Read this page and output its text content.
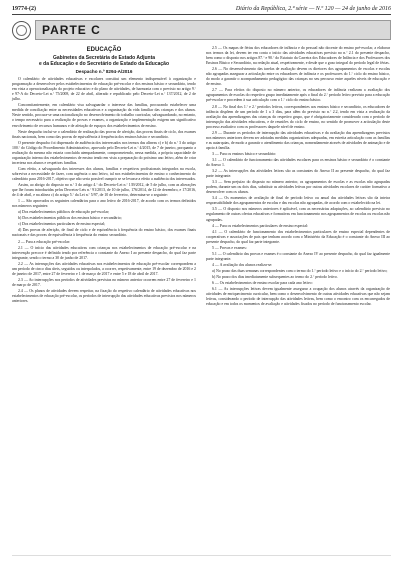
19774-(2)	Diário da República, 2.ª série — N.º 120 — 24 de junho de 2016
PARTE C
EDUCAÇÃO
Gabinetes da Secretária de Estado Adjunta
e da Educação e do Secretário de Estado da Educação
Despacho n.º 8294-A/2016

O calendário de atividades educativas e escolares constitui um elemento indispensável à organização e programação a desenvolver pelos estabelecimentos de educação pré-escolar e dos ensinos básico e secundário, tendo em vista a operacionalização do projeto educativo e do plano de atividades, de harmonia com o previsto no artigo 9.º e 97-A do Decreto-Lei n.º 75/2008, de 22 de abril, alterado e republicado pelo Decreto-Lei n.º 137/2012, de 2 de julho.

Concomitantemente, em calendário visa salvaguardar o interesse das famílias, procurando estabelecer uma medida de conciliação entre as necessidades educativas e a organização da vida familiar das crianças e dos alunos. Neste sentido, procura-se uma racionalização no desenvolvimento do trabalho curricular, salvaguardando, no entanto, o tempo necessário para a realização de provas e exames, a organização e implementação exigem um significativo envolvimento de recursos humanos e de afetação de espaços dos estabelecimentos de ensino.

Neste despacho inclui-se o calendário de realização das provas de aferição, das provas finais de ciclo, dos exames finais nacionais, bem como das provas de equivalência à frequência dos ensinos básico e secundário.

O presente despacho foi dispensado de audiência dos interessados nos termos das alíneas c) e b) do n.º 3 do artigo 100.º do Código do Procedimento Administrativo, aprovado pelo Decreto-Lei n.º 4/2015, de 7 de janeiro, porquanto a realização da mesma não estaria concluída atempadamente, comprometendo, nessa medida, a própria capacidade de organização interna dos estabelecimentos de ensino tendo em vista a preparação do próximo ano letivo, além de criar incerteza nos alunos e respetivas famílias.

Com efeito, a salvaguarda dos interesses dos alunos, famílias e respetivos profissionais integrados na escola, sobreviva a necessidade de fazer, com urgência o ano letivo, tal nos estabelecimentos de ensino o conhecimento do calendário para 2016-2017, objetivo que não seria possível cumprir se se levasse a efeito a audiência dos interessados.

Assim, ao abrigo do disposto no n.º 3 do artigo 4.º do Decreto-Lei n.º 139/2012, de 5 de julho, com as alterações que lhe foram introduzidas pelos Decretos-Leis n.º 91/2013, de 10 de julho, 176/2014, de 12 de dezembro, e 17/2016, de 4 de abril, e na alínea c) do artigo 5.º da Lei n.º 5/97, de 10 de fevereiro, determina-se o seguinte:

1 — São aprovados os seguintes calendários para o ano letivo de 2016-2017, de acordo com os termos definidos nos números seguintes:

a) Dos estabelecimentos públicos de educação pré-escolar;

b) Dos estabelecimentos públicos dos ensinos básico e secundário;

c) Dos estabelecimentos particulares de ensino especial;

d) Das provas de aferição, de final de ciclo e de equivalência à frequência do ensino básico, dos exames finais nacionais e das provas de equivalência à frequência do ensino secundário.

2 — Para a educação pré-escolar:

2.1 — O início das atividades educativas com crianças nos estabelecimentos de educação pré-escolar e na intervenção precoce é definido tendo por referência o constante do Anexo I ao presente despacho, do qual faz parte integrante, sendo o termo a 30 de junho de 2017.

2.2 — As interrupções das atividades educativas nos estabelecimentos de educação pré-escolar correspondem a um período de cinco dias úteis, seguidos ou interpolados, a ocorrer, respetivamente, entre 19 de dezembro de 2016 e 2 de janeiro de 2017, entre 27 de fevereiro e 1 de março de 2017 e entre 5 e 18 de abril de 2017.

2.3 — Ao interrupções nos períodos de atividades previstas no número anterior ocorrem entre 27 de fevereiro e 1 de março de 2017.

2.4 — Os planos de atividades devem respeitar, na fixação do respetivo calendário de atividades educativas nos estabelecimentos de educação pré-escolar, os períodos de interrupção das atividades educativas previstos nos números anteriores.

2.5 — Os mapas de férias dos educadores de infância e do pessoal não docente do ensino pré-escolar, a elaborar nos termos da lei, devem ter em conta o início das atividades educativas previsto no n.º 2.1 do presente despacho, bem como o disposto nos artigos 87.º e 90.º do Estatuto da Carreira dos Educadores de Infância e dos Professores dos Ensinos Básico e Secundário, na redação atual, respetivamente, e desde que o gozo integral do período legal de férias.

2.6 — No desenvolvimento das tarefas de avaliação devem os diretores dos agrupamentos de escolas e escolas não agrupadas assegurar a articulação entre os educadores de infância e os professores do 1.º ciclo do ensino básico, do modo a garantir o acompanhamento pedagógico das crianças no seu percurso entre aqueles níveis de educação e de ensino.

2.7 — Para efeitos do disposto no número anterior, os educadores de infância realizam a avaliação dos agrupamentos de escolas do respetivo grupo imediatamente após o final do 2.º período letivo previsto para a educação pré-escolar e procedem à sua articulação com o 1.º ciclo do ensino básico.

2.8 — No final dos 1.º e 2.º períodos letivos, correspondentes aos ensinos básico e secundário, os educadores de infância dispõem de um período de 1 a 3 dias, para além do previsto no n.º 2.2, tendo em vista a realização da avaliação das aprendizagens das crianças do respetivo grupo, que é obrigatoriamente considerado com o período de interrupção das atividades educativas, e de reuniões do ciclo de ensino, no sentido de promover a articulação deste processo avaliativo com os professores daquele nível de ensino.

2.9 — Durante os períodos de interrupção das atividades educativas e da avaliação das aprendizagens previstos nos números anteriores devem ser adotadas medidas organizativas adequadas, em estreita articulação com as famílias e as autarquias, de modo a garantir o atendimento das crianças, nomeadamente através de atividades de animação e de apoio à família.

3 — Para os ensinos básico e secundário:

3.1 — O calendário de funcionamento das atividades escolares para os ensinos básico e secundário é o constante do Anexo 1.

3.2 — As interrupções das atividades letivas são as constantes do Anexo II ao presente despacho, do qual faz parte integrante.

3.3 — Sem prejuízo do disposto no número anterior, os agrupamentos de escolas e as escolas não agrupadas podem, durante um ou dois dias, substituir as atividades letivas por outras atividades escolares de caráter formativo a desenvolver com os alunos.

3.4 — Os momentos de avaliação de final de período letivo ou anual das atividades letivas são da inteira responsabilidade dos agrupamentos de escolas e das escolas não agrupadas, de acordo com o estabelecido na lei.

3.5 — O disposto nos números anteriores é aplicável, com as necessárias adaptações, ao calendário previsto no regulamento de outras ofertas educativas e formativas em funcionamento nos agrupamentos de escolas ou escolas não agrupadas.

4 — Para os estabelecimentos particulares de ensino especial:

4.1 — O calendário de funcionamento dos estabelecimentos particulares de ensino especial dependentes de cooperativas e associações de pais que tenham acordo com o Ministério da Educação é o constante do Anexo III ao presente despacho, do qual faz parte integrante.

5 — Provas e exames:

5.1 — O calendário das provas e exames é o constante do Anexo IV ao presente despacho, do qual faz igualmente parte integrante.

4 — A avaliação dos alunos realiza-se:

a) No prazo das duas semanas correspondentes com o termo do 1.º período letivo e o início do 2.º período letivo;

b) No prazo dos dias imediatamente subsequentes ao termo do 2.º período letivo.

6 — Os estabelecimentos de ensino escolar para cada ano letivo:

6.1 — As interrupções letivas devem igualmente assegurar a ocupação dos alunos através da organização de atividades de enriquecimento curricular, bem como o desenvolvimento de outras atividades educativas que não sejam letivas, considerando o período de interrupção das atividades letivas, bem como o encontro com os encarregados de educação e em todos os momentos de avaliação e atividades fixados no período de funcionamento escolar.
